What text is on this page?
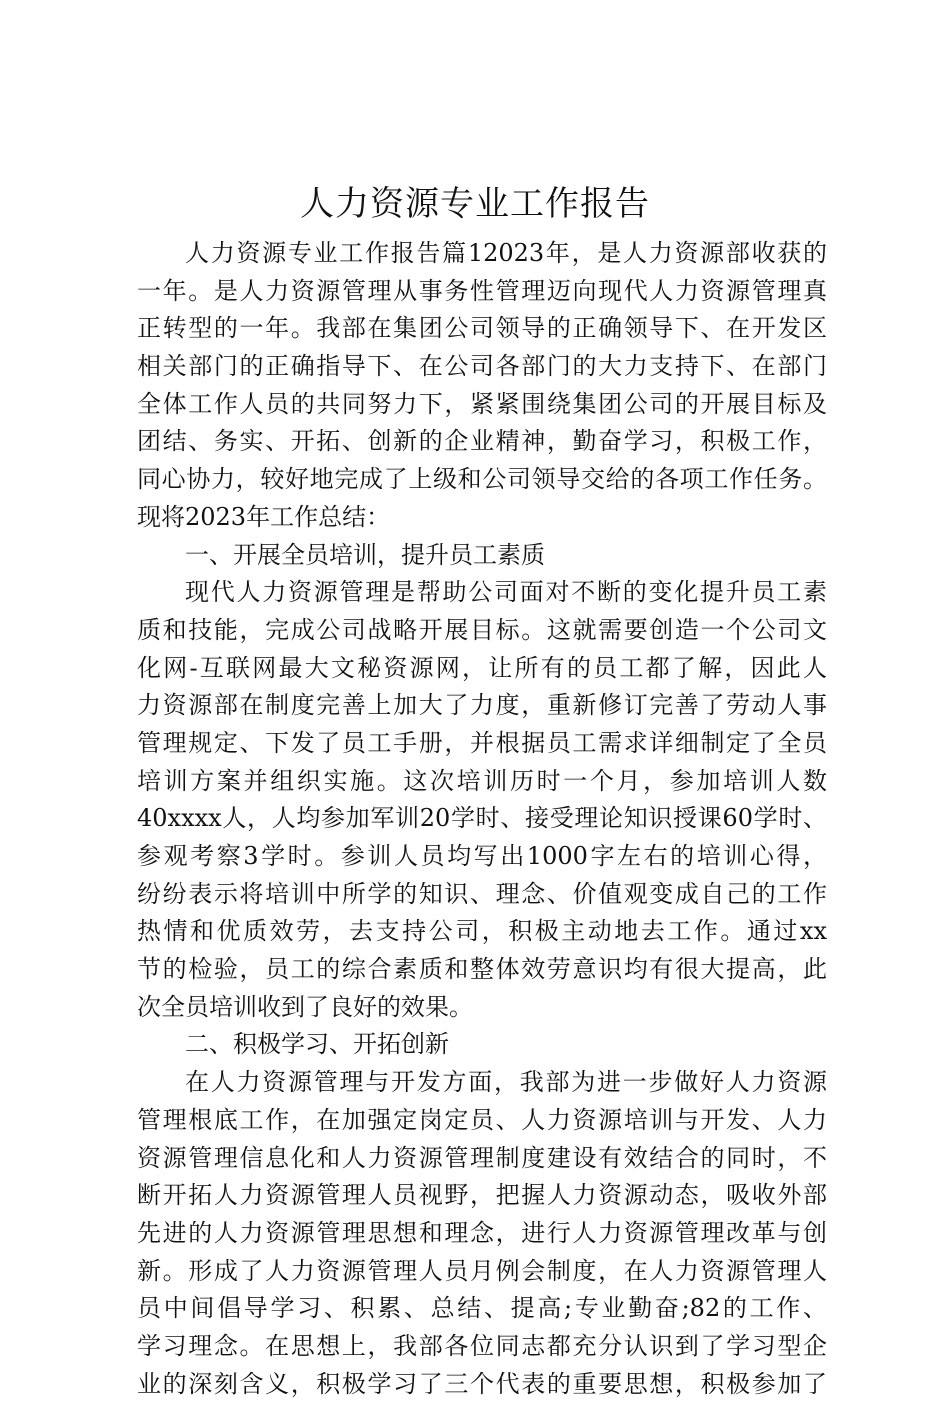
人力资源专业工作报告

人力资源专业工作报告篇12023年，是人力资源部收获的

一年。是人力资源管理从事务性管理迈向现代人力资源管理真

正转型的一年。我部在集团公司领导的正确领导下、在开发区

相关部门的正确指导下、在公司各部门的大力支持下、在部门

全体工作人员的共同努力下，紧紧围绕集团公司的开展目标及

团结、务实、开拓、创新的企业精神，勤奋学习，积极工作，

同心协力，较好地完成了上级和公司领导交给的各项工作任务。

现将2023年工作总结：

一、开展全员培训，提升员工素质

现代人力资源管理是帮助公司面对不断的变化提升员工素

质和技能，完成公司战略开展目标。这就需要创造一个公司文

化网-互联网最大文秘资源网，让所有的员工都了解，因此人

力资源部在制度完善上加大了力度，重新修订完善了劳动人事

管理规定、下发了员工手册，并根据员工需求详细制定了全员

培训方案并组织实施。这次培训历时一个月，参加培训人数

40xxxx人，人均参加军训20学时、接受理论知识授课60学时、

参观考察3学时。参训人员均写出1000字左右的培训心得，

纷纷表示将培训中所学的知识、理念、价值观变成自己的工作

热情和优质效劳，去支持公司，积极主动地去工作。通过xx

节的检验，员工的综合素质和整体效劳意识均有很大提高，此

次全员培训收到了良好的效果。

二、积极学习、开拓创新

在人力资源管理与开发方面，我部为进一步做好人力资源

管理根底工作，在加强定岗定员、人力资源培训与开发、人力

资源管理信息化和人力资源管理制度建设有效结合的同时，不

断开拓人力资源管理人员视野，把握人力资源动态，吸收外部

先进的人力资源管理思想和理念，进行人力资源管理改革与创

新。形成了人力资源管理人员月例会制度，在人力资源管理人

员中间倡导学习、积累、总结、提高;专业勤奋;82的工作、

学习理念。在思想上，我部各位同志都充分认识到了学习型企

业的深刻含义，积极学习了三个代表的重要思想，积极参加了
